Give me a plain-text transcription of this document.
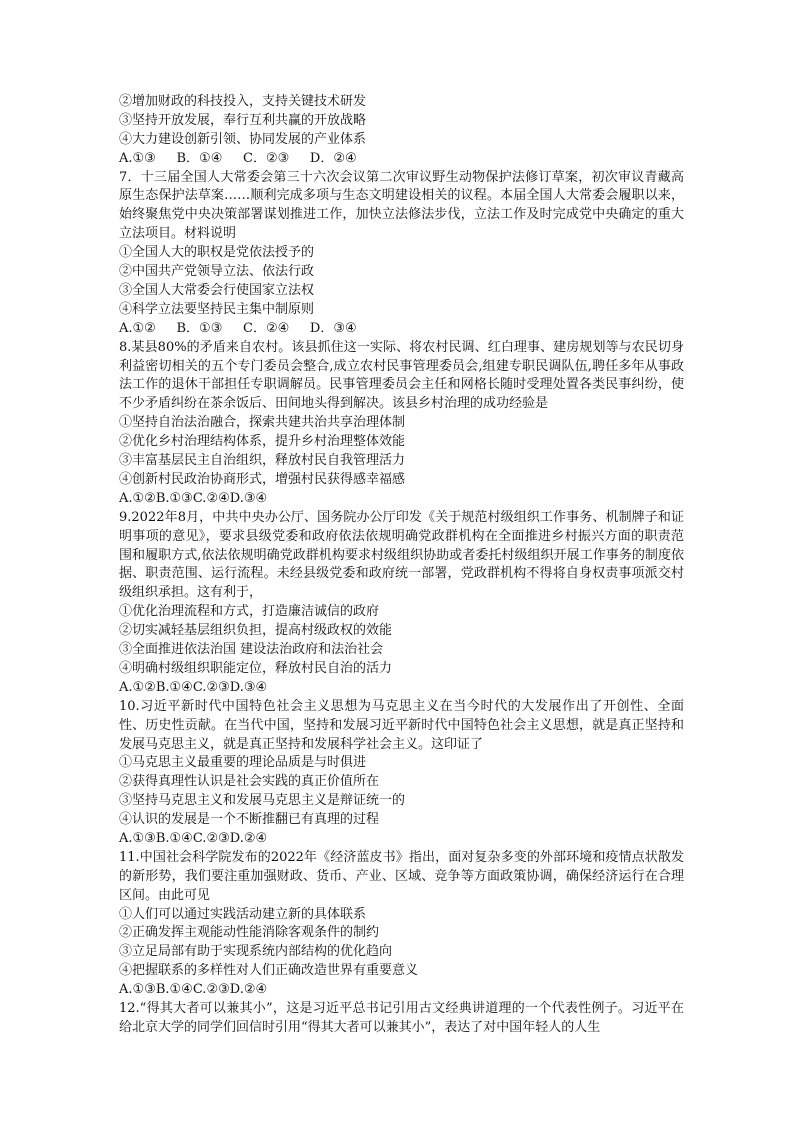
②增加财政的科技投入，支持关键技术研发
③坚持开放发展，奉行互利共赢的开放战略
④大力建设创新引领、协同发展的产业体系
A.①③     B．①④     C．②③     D．②④
7．十三届全国人大常委会第三十六次会议第二次审议野生动物保护法修订草案，初次审议青藏高原生态保护法草案……顺利完成多项与生态文明建设相关的议程。本届全国人大常委会履职以来，始终聚焦党中央决策部署谋划推进工作，加快立法修法步伐，立法工作及时完成党中央确定的重大立法项目。材料说明
①全国人大的职权是党依法授予的
②中国共产党领导立法、依法行政
③全国人大常委会行使国家立法权
④科学立法要坚持民主集中制原则
A.①②     B．①③     C．②④     D．③④
8.某县80%的矛盾来自农村。该县抓住这一实际、将农村民调、红白理事、建房规划等与农民切身利益密切相关的五个专门委员会整合,成立农村民事管理委员会,组建专职民调队伍,聘任多年从事政法工作的退休干部担任专职调解员。民事管理委员会主任和网格长随时受理处置各类民事纠纷，使不少矛盾纠纷在茶余饭后、田间地头得到解决。该县乡村治理的成功经验是
①坚持自治法治融合，探索共建共治共享治理体制
②优化乡村治理结构体系，提升乡村治理整体效能
③丰富基层民主自治组织，释放村民自我管理活力
④创新村民政治协商形式，增强村民获得感幸福感
A.①②B.①③C.②④D.③④
9.2022年8月，中共中央办公厅、国务院办公厅印发《关于规范村级组织工作事务、机制牌子和证明事项的意见》，要求县级党委和政府依法依规明确党政群机构在全面推进乡村振兴方面的职责范围和履职方式,依法依规明确党政群机构要求村级组织协助或者委托村级组织开展工作事务的制度依据、职责范围、运行流程。未经县级党委和政府统一部署，党政群机构不得将自身权责事项派交村级组织承担。这有利于，
①优化治理流程和方式，打造廉洁诚信的政府
②切实减轻基层组织负担，提高村级政权的效能
③全面推进依法治国 建设法治政府和法治社会
④明确村级组织职能定位，释放村民自治的活力
A.①②B.①④C.②③D.③④
10.习近平新时代中国特色社会主义思想为马克思主义在当今时代的大发展作出了开创性、全面性、历史性贡献。在当代中国，坚持和发展习近平新时代中国特色社会主义思想，就是真正坚持和发展马克思主义，就是真正坚持和发展科学社会主义。这印证了
①马克思主义最重要的理论品质是与时俱进
②获得真理性认识是社会实践的真正价值所在
③坚持马克思主义和发展马克思主义是辩证统一的
④认识的发展是一个不断推翻已有真理的过程
A.①③B.①④C.②③D.②④
11.中国社会科学院发布的2022年《经济蓝皮书》指出，面对复杂多变的外部环境和疫情点状散发的新形势，我们要注重加强财政、货币、产业、区域、竞争等方面政策协调，确保经济运行在合理区间。由此可见
①人们可以通过实践活动建立新的具体联系
②正确发挥主观能动性能消除客观条件的制约
③立足局部有助于实现系统内部结构的优化趋向
④把握联系的多样性对人们正确改造世界有重要意义
A.①③B.①④C.②③D.②④
12.“得其大者可以兼其小”，这是习近平总书记引用古文经典讲道理的一个代表性例子。习近平在给北京大学的同学们回信时引用“得其大者可以兼其小”，表达了对中国年轻人的人生
